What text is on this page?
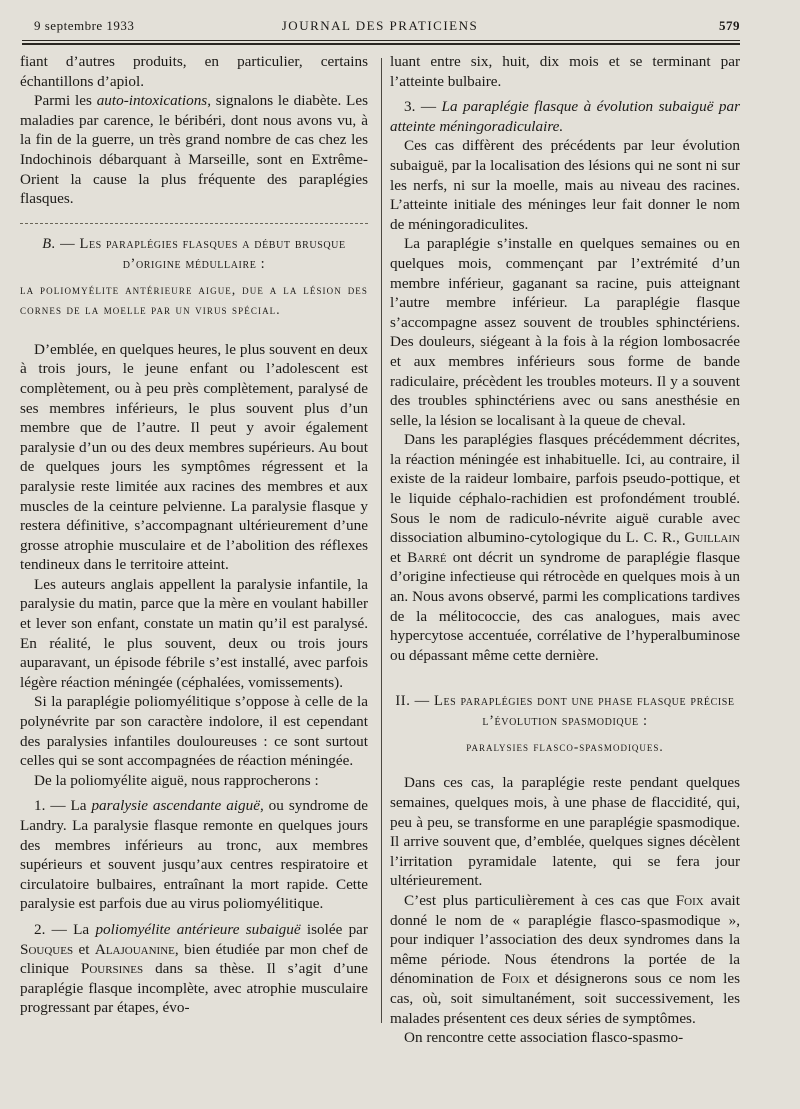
9 septembre 1933	JOURNAL DES PRATICIENS	579

fiant d’autres produits, en particulier, certains échantillons d’apiol.

Parmi les auto-intoxications, signalons le diabète. Les maladies par carence, le béribéri, dont nous avons vu, à la fin de la guerre, un très grand nombre de cas chez les Indochinois débarquant à Marseille, sont en Extrême-Orient la cause la plus fréquente des paraplégies flasques.

B. — Les paraplégies flasques a début brusque d’origine médullaire :

la poliomyélite antérieure aigue, due a la lésion des cornes de la moelle par un virus spécial.

D’emblée, en quelques heures, le plus souvent en deux à trois jours, le jeune enfant ou l’adolescent est complètement, ou à peu près complètement, paralysé de ses membres inférieurs, le plus souvent plus d’un membre que de l’autre. Il peut y avoir également paralysie d’un ou des deux membres supérieurs. Au bout de quelques jours les symptômes régressent et la paralysie reste limitée aux racines des membres et aux muscles de la ceinture pelvienne. La paralysie flasque y restera définitive, s’accompagnant ultérieurement d’une grosse atrophie musculaire et de l’abolition des réflexes tendineux dans le territoire atteint.

Les auteurs anglais appellent la paralysie infantile, la paralysie du matin, parce que la mère en voulant habiller et lever son enfant, constate un matin qu’il est paralysé. En réalité, le plus souvent, deux ou trois jours auparavant, un épisode fébrile s’est installé, avec parfois légère réaction méningée (céphalées, vomissements).

Si la paraplégie poliomyélitique s’oppose à celle de la polynévrite par son caractère indolore, il est cependant des paralysies infantiles douloureuses : ce sont surtout celles qui se sont accompagnées de réaction méningée.

De la poliomyélite aiguë, nous rapprocherons :

1. — La paralysie ascendante aiguë, ou syndrome de Landry. La paralysie flasque remonte en quelques jours des membres inférieurs au tronc, aux membres supérieurs et souvent jusqu’aux centres respiratoire et circulatoire bulbaires, entraînant la mort rapide. Cette paralysie est parfois due au virus poliomyélitique.

2. — La poliomyélite antérieure subaiguë isolée par Souques et Alajouanine, bien étudiée par mon chef de clinique Poursines dans sa thèse. Il s’agit d’une paraplégie flasque incomplète, avec atrophie musculaire progressant par étapes, évo-

luant entre six, huit, dix mois et se terminant par l’atteinte bulbaire.

3. — La paraplégie flasque à évolution subaiguë par atteinte méningoradiculaire.

Ces cas diffèrent des précédents par leur évolution subaiguë, par la localisation des lésions qui ne sont ni sur les nerfs, ni sur la moelle, mais au niveau des racines. L’atteinte initiale des méninges leur fait donner le nom de méningoradiculites.

La paraplégie s’installe en quelques semaines ou en quelques mois, commençant par l’extrémité d’un membre inférieur, gaganant sa racine, puis atteignant l’autre membre inférieur. La paraplégie flasque s’accompagne assez souvent de troubles sphinctériens. Des douleurs, siégeant à la fois à la région lombosacrée et aux membres inférieurs sous forme de bande radiculaire, précèdent les troubles moteurs. Il y a souvent des troubles sphinctériens avec ou sans anesthésie en selle, la lésion se localisant à la queue de cheval.

Dans les paraplégies flasques précédemment décrites, la réaction méningée est inhabituelle. Ici, au contraire, il existe de la raideur lombaire, parfois pseudo-pottique, et le liquide céphalo-rachidien est profondément troublé. Sous le nom de radiculo-névrite aiguë curable avec dissociation albumino-cytologique du L. C. R., Guillain et Barré ont décrit un syndrome de paraplégie flasque d’origine infectieuse qui rétrocède en quelques mois à un an. Nous avons observé, parmi les complications tardives de la mélitococcie, des cas analogues, mais avec hypercytose accentuée, corrélative de l’hyperalbuminose ou dépassant même cette dernière.

II. — Les paraplégies dont une phase flasque précise l’évolution spasmodique :

paralysies flasco-spasmodiques.

Dans ces cas, la paraplégie reste pendant quelques semaines, quelques mois, à une phase de flaccidité, qui, peu à peu, se transforme en une paraplégie spasmodique. Il arrive souvent que, d’emblée, quelques signes décèlent l’irritation pyramidale latente, qui se fera jour ultérieurement.

C’est plus particulièrement à ces cas que Foix avait donné le nom de « paraplégie flasco-spasmodique », pour indiquer l’association des deux syndromes dans la même période. Nous étendrons la portée de la dénomination de Foix et désignerons sous ce nom les cas, où, soit simultanément, soit successivement, les malades présentent ces deux séries de symptômes.

On rencontre cette association flasco-spasmo-
